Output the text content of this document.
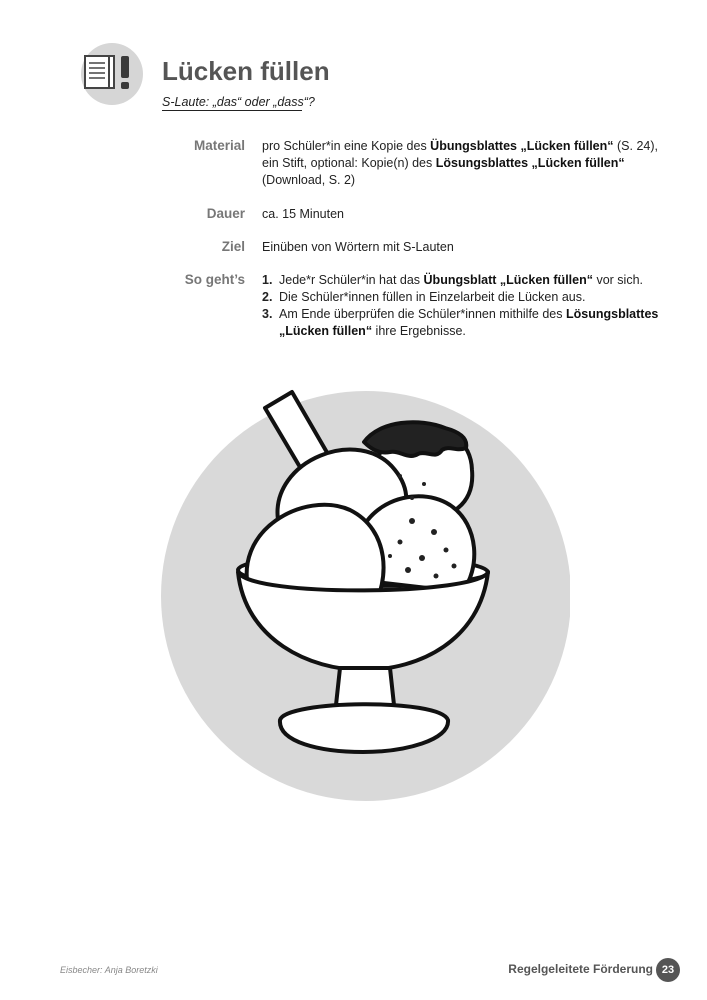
Lücken füllen
S-Laute: „das“ oder „dass“?
Material pro Schüler*in eine Kopie des Übungsblattes „Lücken füllen“ (S. 24),
ein Stift, optional: Kopie(n) des Lösungsblattes „Lücken füllen“
(Download, S. 2)
Dauer ca. 15 Minuten
Ziel Einüben von Wörtern mit S-Lauten
So geht’s 1. Jede*r Schüler*in hat das Übungsblatt „Lücken füllen“ vor sich.
2. Die Schüler*innen füllen in Einzelarbeit die Lücken aus.
3. Am Ende überprüfen die Schüler*innen mithilfe des Lösungsblattes „Lücken füllen“ ihre Ergebnisse.
Eisbecher: Anja Boretzki	Regelgeleitete Förderung 23
